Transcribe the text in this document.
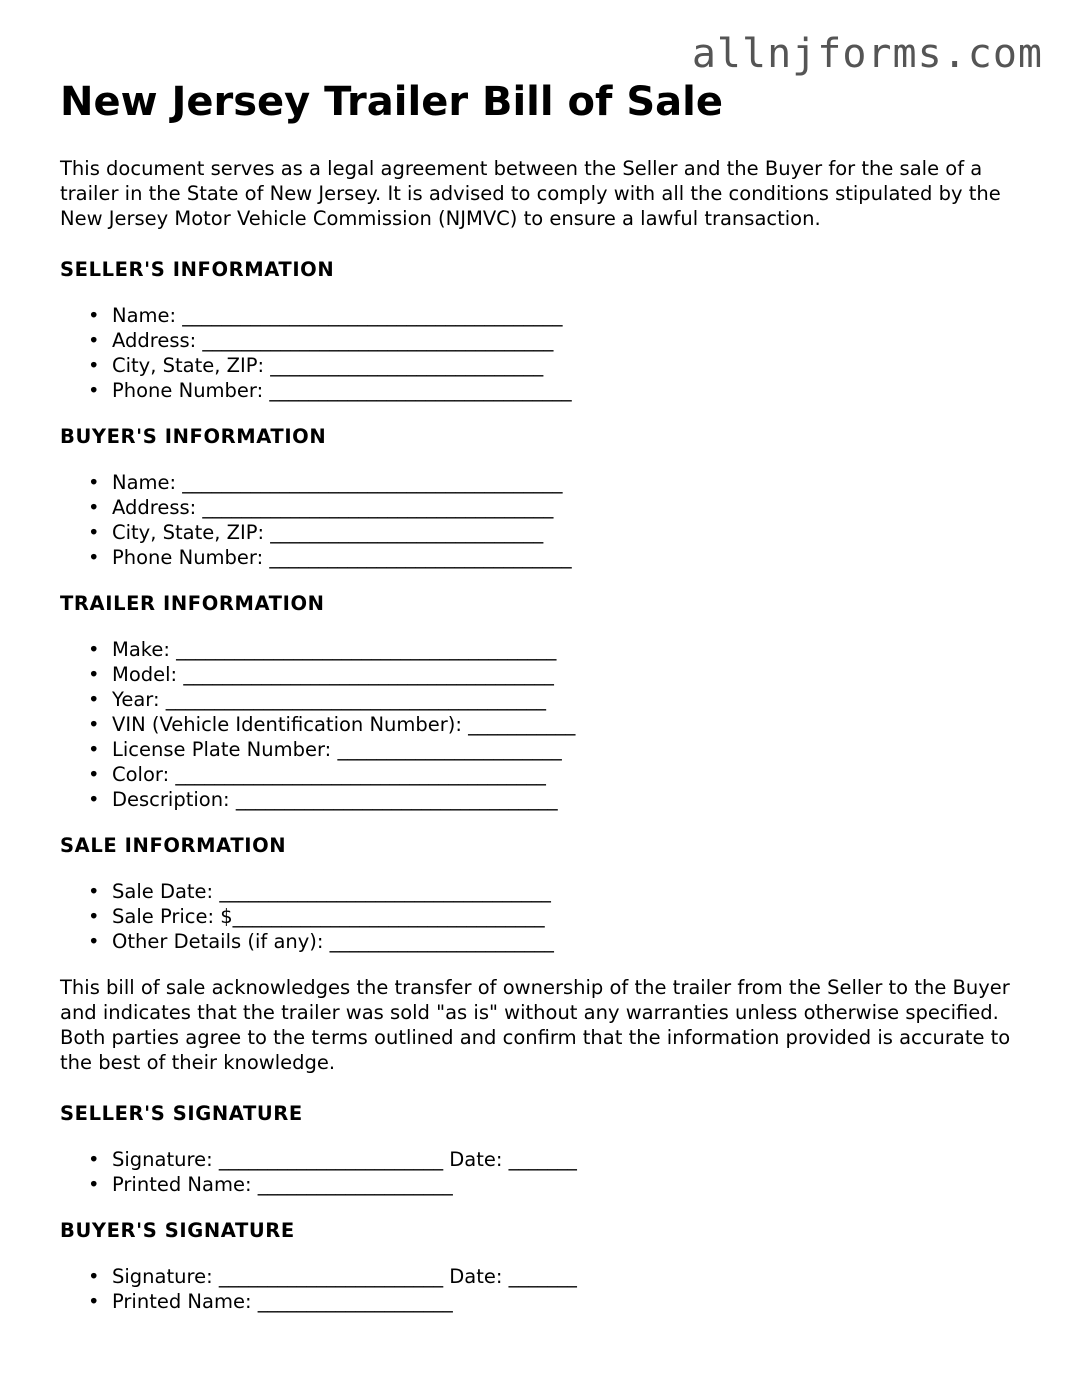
allnjforms.com
New Jersey Trailer Bill of Sale

This document serves as a legal agreement between the Seller and the Buyer for the sale of a trailer in the State of New Jersey. It is advised to comply with all the conditions stipulated by the New Jersey Motor Vehicle Commission (NJMVC) to ensure a lawful transaction.

SELLER'S INFORMATION
• Name: _______________________________________
• Address: ____________________________________
• City, State, ZIP: ____________________________
• Phone Number: _______________________________
BUYER'S INFORMATION
• Name: _______________________________________
• Address: ____________________________________
• City, State, ZIP: ____________________________
• Phone Number: _______________________________
TRAILER INFORMATION
• Make: _______________________________________
• Model: ______________________________________
• Year: _______________________________________
• VIN (Vehicle Identification Number): ___________
• License Plate Number: _______________________
• Color: ______________________________________
• Description: _________________________________
SALE INFORMATION
• Sale Date: __________________________________
• Sale Price: $________________________________
• Other Details (if any): _______________________

This bill of sale acknowledges the transfer of ownership of the trailer from the Seller to the Buyer and indicates that the trailer was sold "as is" without any warranties unless otherwise specified. Both parties agree to the terms outlined and confirm that the information provided is accurate to the best of their knowledge.

SELLER'S SIGNATURE
• Signature: _______________________ Date: _______
• Printed Name: ____________________
BUYER'S SIGNATURE
• Signature: _______________________ Date: _______
• Printed Name: ____________________
